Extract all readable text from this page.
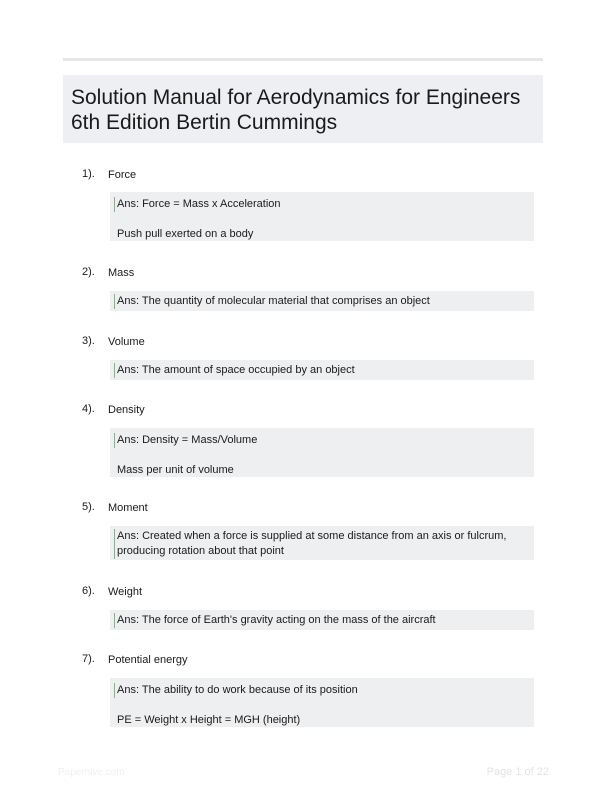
Solution Manual for Aerodynamics for Engineers 6th Edition Bertin Cummings
1). Force
Ans: Force = Mass x Acceleration
Push pull exerted on a body
2). Mass
Ans: The quantity of molecular material that comprises an object
3). Volume
Ans: The amount of space occupied by an object
4). Density
Ans: Density = Mass/Volume
Mass per unit of volume
5). Moment
Ans: Created when a force is supplied at some distance from an axis or fulcrum, producing rotation about that point
6). Weight
Ans: The force of Earth's gravity acting on the mass of the aircraft
7). Potential energy
Ans: The ability to do work because of its position
PE = Weight x Height = MGH (height)
Paperhive.com	Page 1 of 22
